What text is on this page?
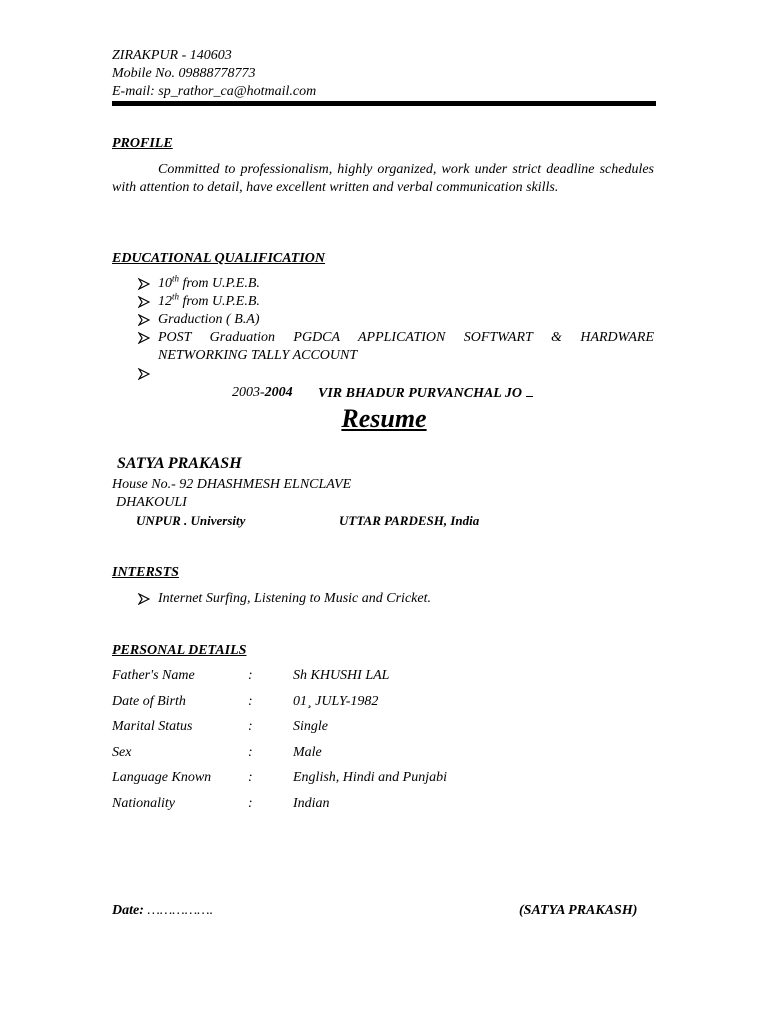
ZIRAKPUR - 140603
Mobile No. 09888778773
E-mail: sp_rathor_ca@hotmail.com
PROFILE
Committed to professionalism, highly organized, work under strict deadline schedules with attention to detail, have excellent written and verbal communication skills.
EDUCATIONAL QUALIFICATION
10th from U.P.E.B.
12th from U.P.E.B.
Graduction ( B.A)
POST Graduation PGDCA APPLICATION SOFTWART & HARDWARE
NETWORKING TALLY ACCOUNT
2003-2004 VIR BHADUR PURVANCHAL JO
Resume
SATYA PRAKASH
House No.- 92 DHASHMESH ELNCLAVE
DHAKOULI
UNPUR . University	UTTAR PARDESH, India
INTERSTS
Internet Surfing, Listening to Music and Cricket.
PERSONAL DETAILS
Father's Name	:	Sh KHUSHI LAL
Date of Birth	:	01¸ JULY-1982
Marital Status	:	Single
Sex	:	Male
Language Known	:	English, Hindi and Punjabi
Nationality	:	Indian
Date: …………….	(SATYA PRAKASH)
